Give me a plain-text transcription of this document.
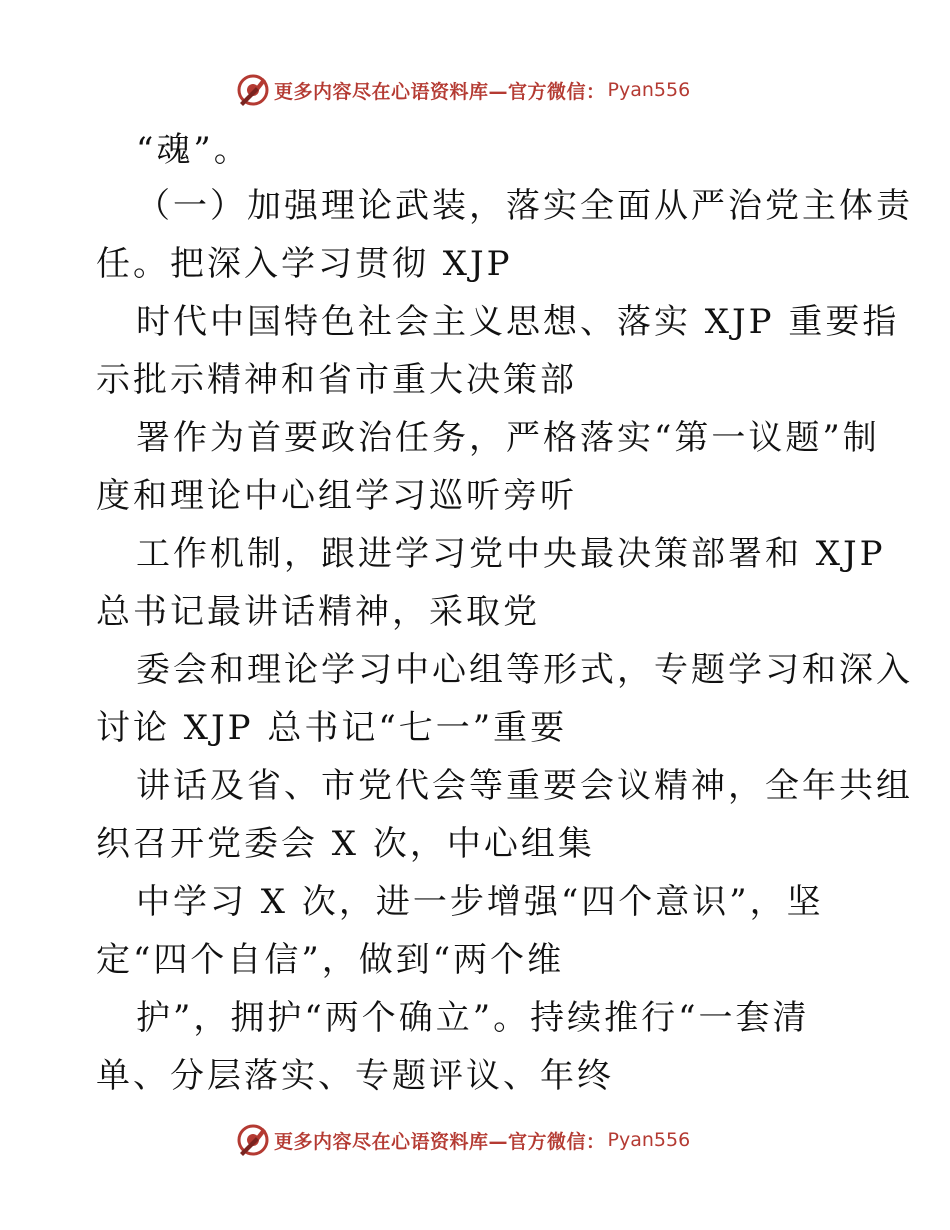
更多内容尽在心语资料库—官方微信： Pyan556
“魂”。
（一）加强理论武装，落实全面从严治党主体责
任。把深入学习贯彻 XJP
时代中国特色社会主义思想、落实 XJP 重要指
示批示精神和省市重大决策部
署作为首要政治任务，严格落实“第一议题”制
度和理论中心组学习巡听旁听
工作机制，跟进学习党中央最决策部署和 XJP
总书记最讲话精神，采取党
委会和理论学习中心组等形式，专题学习和深入
讨论 XJP 总书记“七一”重要
讲话及省、市党代会等重要会议精神，全年共组
织召开党委会 X 次，中心组集
中学习 X 次，进一步增强“四个意识”，坚
定“四个自信”，做到“两个维
护”，拥护“两个确立”。持续推行“一套清
单、分层落实、专题评议、年终
更多内容尽在心语资料库—官方微信： Pyan556
